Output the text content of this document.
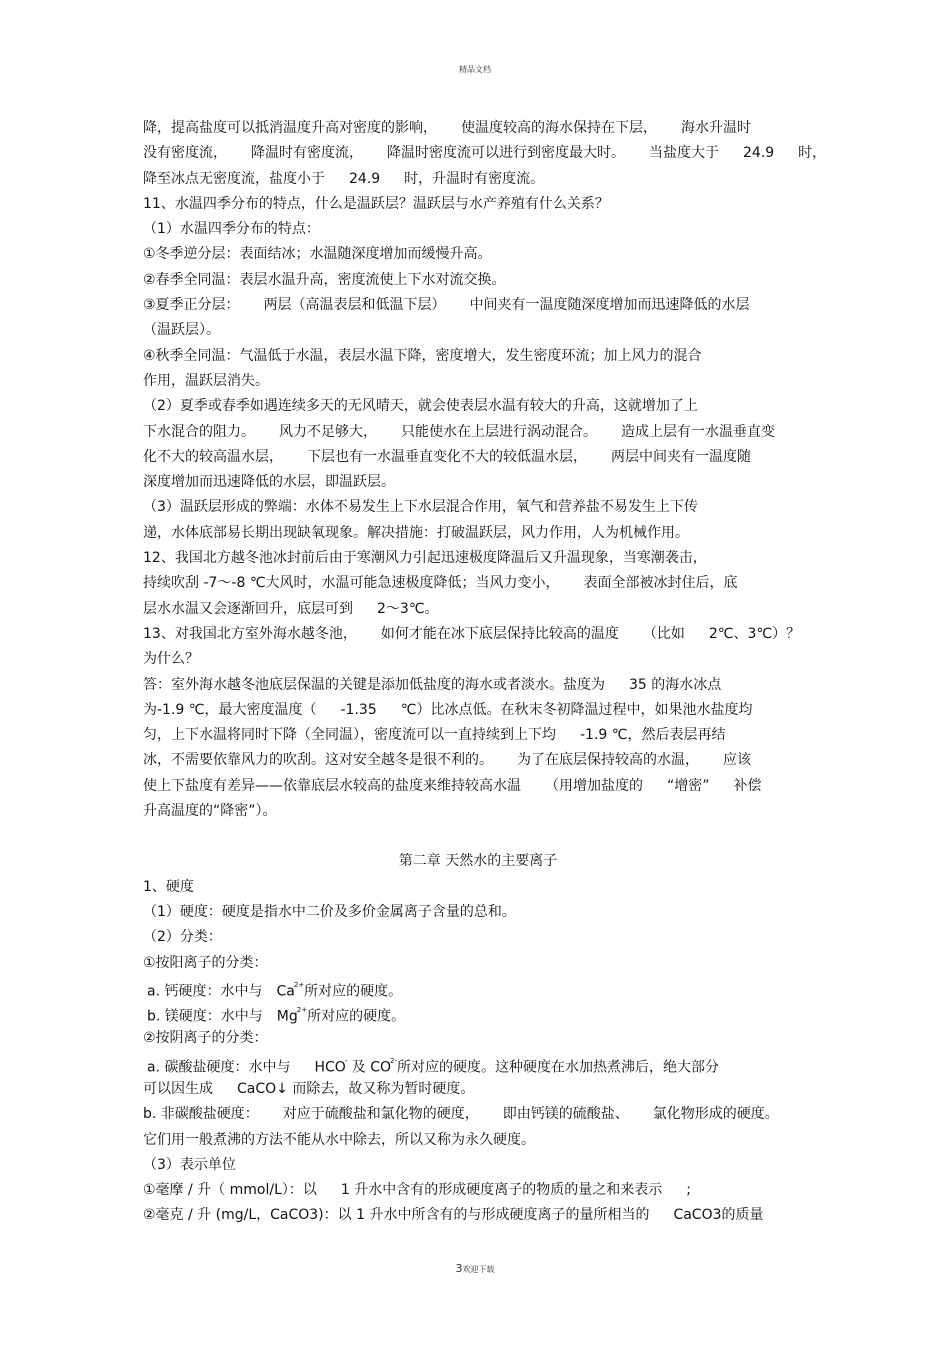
精品文档
降，提高盐度可以抵消温度升高对密度的影响， 使温度较高的海水保持在下层， 海水升温时
没有密度流， 降温时有密度流， 降温时密度流可以进行到密度最大时。 当盐度大于 24.9 时，
降至冰点无密度流，盐度小于 24.9 时，升温时有密度流。
11、水温四季分布的特点，什么是温跃层？温跃层与水产养殖有什么关系？
（1）水温四季分布的特点：
①冬季逆分层：表面结冰；水温随深度增加而缓慢升高。
②春季全同温：表层水温升高，密度流使上下水对流交换。
③夏季正分层： 两层（高温表层和低温下层） 中间夹有一温度随深度增加而迅速降低的水层
（温跃层）。
④秋季全同温：气温低于水温，表层水温下降，密度增大，发生密度环流；加上风力的混合
作用，温跃层消失。
（2）夏季或春季如遇连续多天的无风晴天，就会使表层水温有较大的升高，这就增加了上
下水混合的阻力。 风力不足够大， 只能使水在上层进行涡动混合。 造成上层有一水温垂直变
化不大的较高温水层， 下层也有一水温垂直变化不大的较低温水层， 两层中间夹有一温度随
深度增加而迅速降低的水层，即温跃层。
（3）温跃层形成的弊端：水体不易发生上下水层混合作用，氧气和营养盐不易发生上下传
递，水体底部易长期出现缺氧现象。解决措施：打破温跃层，风力作用，人为机械作用。
12、我国北方越冬池冰封前后由于寒潮风力引起迅速极度降温后又升温现象，当寒潮袭击，
持续吹刮 -7～-8 ℃大风时，水温可能急速极度降低；当风力变小， 表面全部被冰封住后，底
层水水温又会逐渐回升，底层可到 2～3℃。
13、对我国北方室外海水越冬池， 如何才能在冰下底层保持比较高的温度 （比如 2℃、3℃）？
为什么？
答：室外海水越冬池底层保温的关键是添加低盐度的海水或者淡水。盐度为 35 的海水冰点
为-1.9 ℃，最大密度温度（ -1.35 ℃）比冰点低。在秋末冬初降温过程中，如果池水盐度均
匀，上下水温将同时下降（全同温），密度流可以一直持续到上下均 -1.9 ℃，然后表层再结
冰，不需要依靠风力的吹刮。这对安全越冬是很不利的。 为了在底层保持较高的水温， 应该
使上下盐度有差异——依靠底层水较高的盐度来维持较高水温 （用增加盐度的 “增密” 补偿
升高温度的“降密”）。
第二章 天然水的主要离子
1、硬度
（1）硬度：硬度是指水中二价及多价金属离子含量的总和。
（2）分类：
①按阳离子的分类：
a. 钙硬度：水中与 $Ca^{2+}$所对应的硬度。
b. 镁硬度：水中与 $Mg^{2+}$所对应的硬度。
②按阴离子的分类：
a. 碳酸盐硬度：水中与 HCO- 及 $CO^{2-}$所对应的硬度。这种硬度在水加热煮沸后，绝大部分
可以因生成 CaCO↓ 而除去，故又称为暂时硬度。
b. 非碳酸盐硬度： 对应于硫酸盐和氯化物的硬度， 即由钙镁的硫酸盐、 氯化物形成的硬度。
它们用一般煮沸的方法不能从水中除去，所以又称为永久硬度。
（3）表示单位
①毫摩 / 升（ mmol/L）：以 1 升水中含有的形成硬度离子的物质的量之和来表示 ;
②毫克 / 升 (mg/L，CaCO3)：以 1 升水中所含有的与形成硬度离子的量所相当的 CaCO3的质量
3欢迎下载
